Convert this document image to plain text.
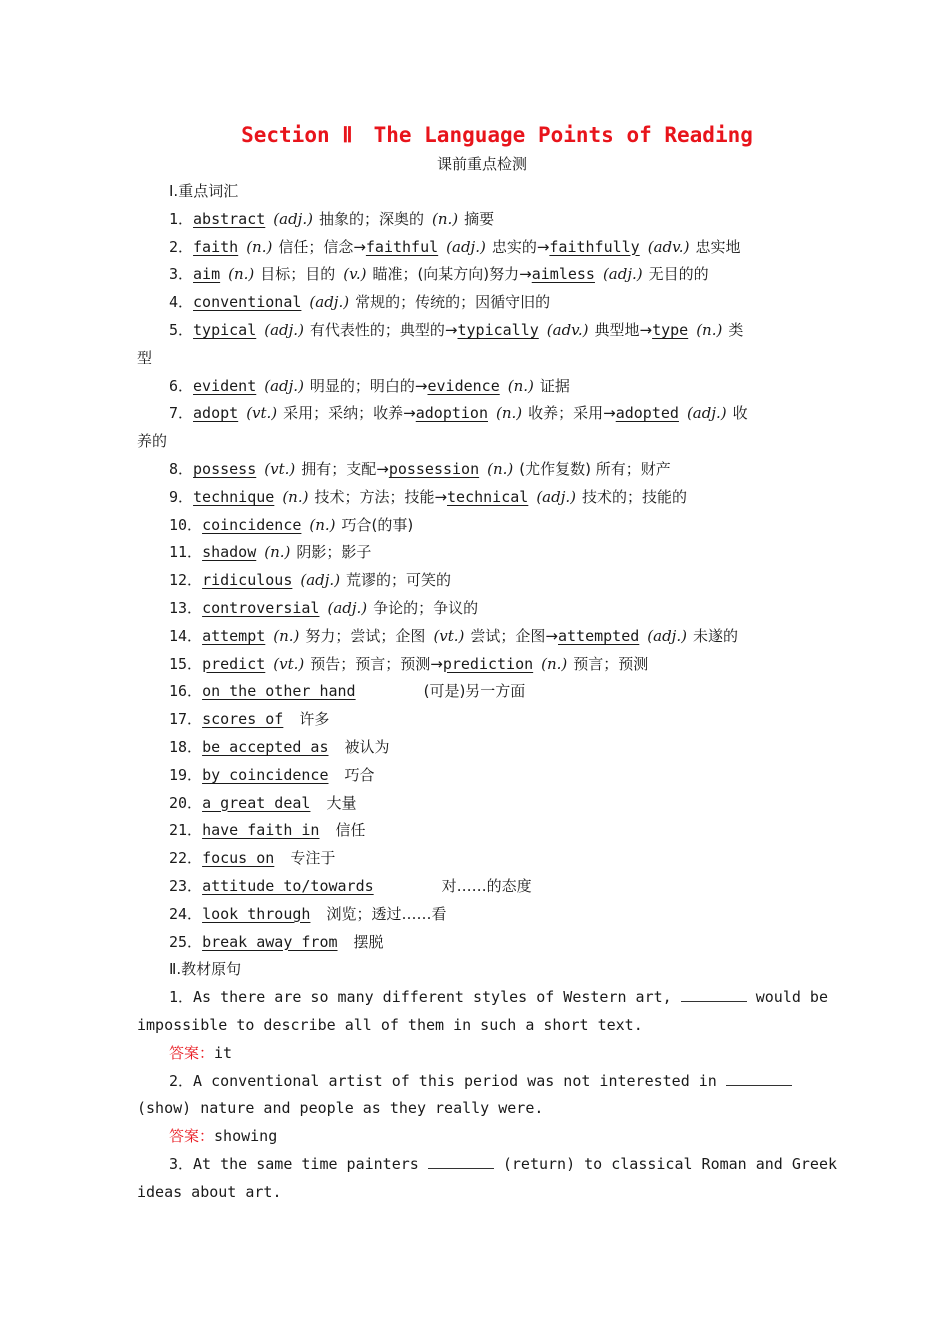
Section Ⅱ　The Language Points of Reading
课前重点检测
Ⅰ.重点词汇
1．abstract (adj.) 抽象的；深奥的 (n.) 摘要
2．faith (n.) 信任；信念→faithful (adj.) 忠实的→faithfully (adv.) 忠实地
3．aim (n.) 目标；目的 (v.) 瞄准；(向某方向)努力→aimless (adj.) 无目的的
4．conventional (adj.) 常规的；传统的；因循守旧的
5．typical (adj.) 有代表性的；典型的→typically (adv.) 典型地→type (n.) 类
型
6．evident (adj.) 明显的；明白的→evidence (n.) 证据
7．adopt (vt.) 采用；采纳；收养→adoption (n.) 收养；采用→adopted (adj.) 收
养的
8．possess (vt.) 拥有；支配→possession (n.) (尤作复数) 所有；财产
9．technique (n.) 技术；方法；技能→technical (adj.) 技术的；技能的
10．coincidence (n.) 巧合(的事)
11．shadow (n.) 阴影；影子
12．ridiculous (adj.) 荒谬的；可笑的
13．controversial (adj.) 争论的；争议的
14．attempt (n.) 努力；尝试；企图 (vt.) 尝试；企图→attempted (adj.) 未遂的
15．predict (vt.) 预告；预言；预测→prediction (n.) 预言；预测
16．on the other hand	(可是)另一方面
17．scores of 许多
18．be accepted as 被认为
19．by coincidence 巧合
20．a great deal 大量
21．have faith in 信任
22．focus on 专注于
23．attitude to/towards	对……的态度
24．look through 浏览；透过……看
25．break away from 摆脱
Ⅱ.教材原句
1．As there are so many different styles of Western art,	would be
impossible to describe all of them in such a short text.
答案：it
2．A conventional artist of this period was not interested in
(show) nature and people as they really were.
答案：showing
3．At the same time painters	(return) to classical Roman and Greek
ideas about art.
